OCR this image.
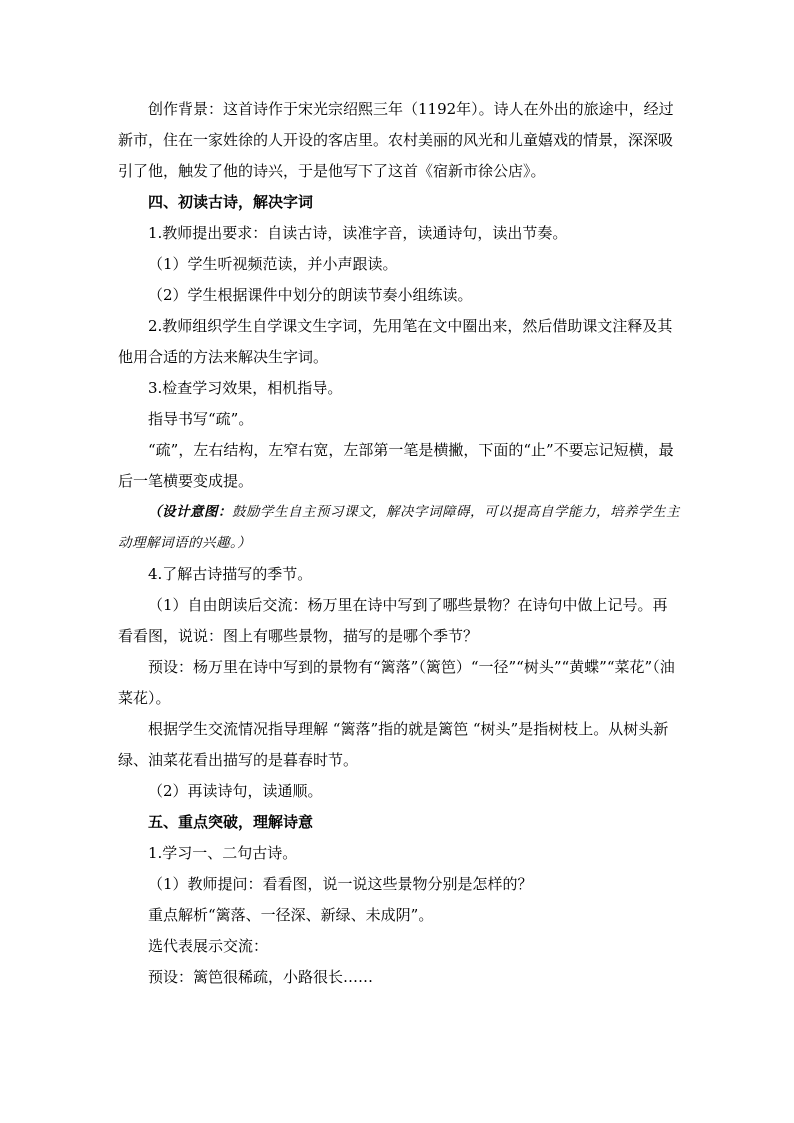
创作背景：这首诗作于宋光宗绍熙三年（1192年）。诗人在外出的旅途中，经过新市，住在一家姓徐的人开设的客店里。农村美丽的风光和儿童嬉戏的情景，深深吸引了他，触发了他的诗兴，于是他写下了这首《宿新市徐公店》。

四、初读古诗，解决字词

1.教师提出要求：自读古诗，读准字音，读通诗句，读出节奏。

（1）学生听视频范读，并小声跟读。

（2）学生根据课件中划分的朗读节奏小组练读。

2.教师组织学生自学课文生字词，先用笔在文中圈出来，然后借助课文注释及其他用合适的方法来解决生字词。

3.检查学习效果，相机指导。

指导书写“疏”。

“疏”，左右结构，左窄右宽，左部第一笔是横撇，下面的“止”不要忘记短横，最后一笔横要变成提。

（设计意图：鼓励学生自主预习课文，解决字词障碍，可以提高自学能力，培养学生主动理解词语的兴趣。）

4.了解古诗描写的季节。

（1）自由朗读后交流：杨万里在诗中写到了哪些景物？在诗句中做上记号。再看看图，说说：图上有哪些景物，描写的是哪个季节？

预设：杨万里在诗中写到的景物有“篱落”（篱笆）“一径”“树头”“黄蝶”“菜花”（油菜花）。

根据学生交流情况指导理解 “篱落”指的就是篱笆 “树头”是指树枝上。从树头新绿、油菜花看出描写的是暮春时节。

（2）再读诗句，读通顺。

五、重点突破，理解诗意

1.学习一、二句古诗。

（1）教师提问：看看图，说一说这些景物分别是怎样的？

重点解析“篱落、一径深、新绿、未成阴”。

选代表展示交流：

预设：篱笆很稀疏，小路很长……
